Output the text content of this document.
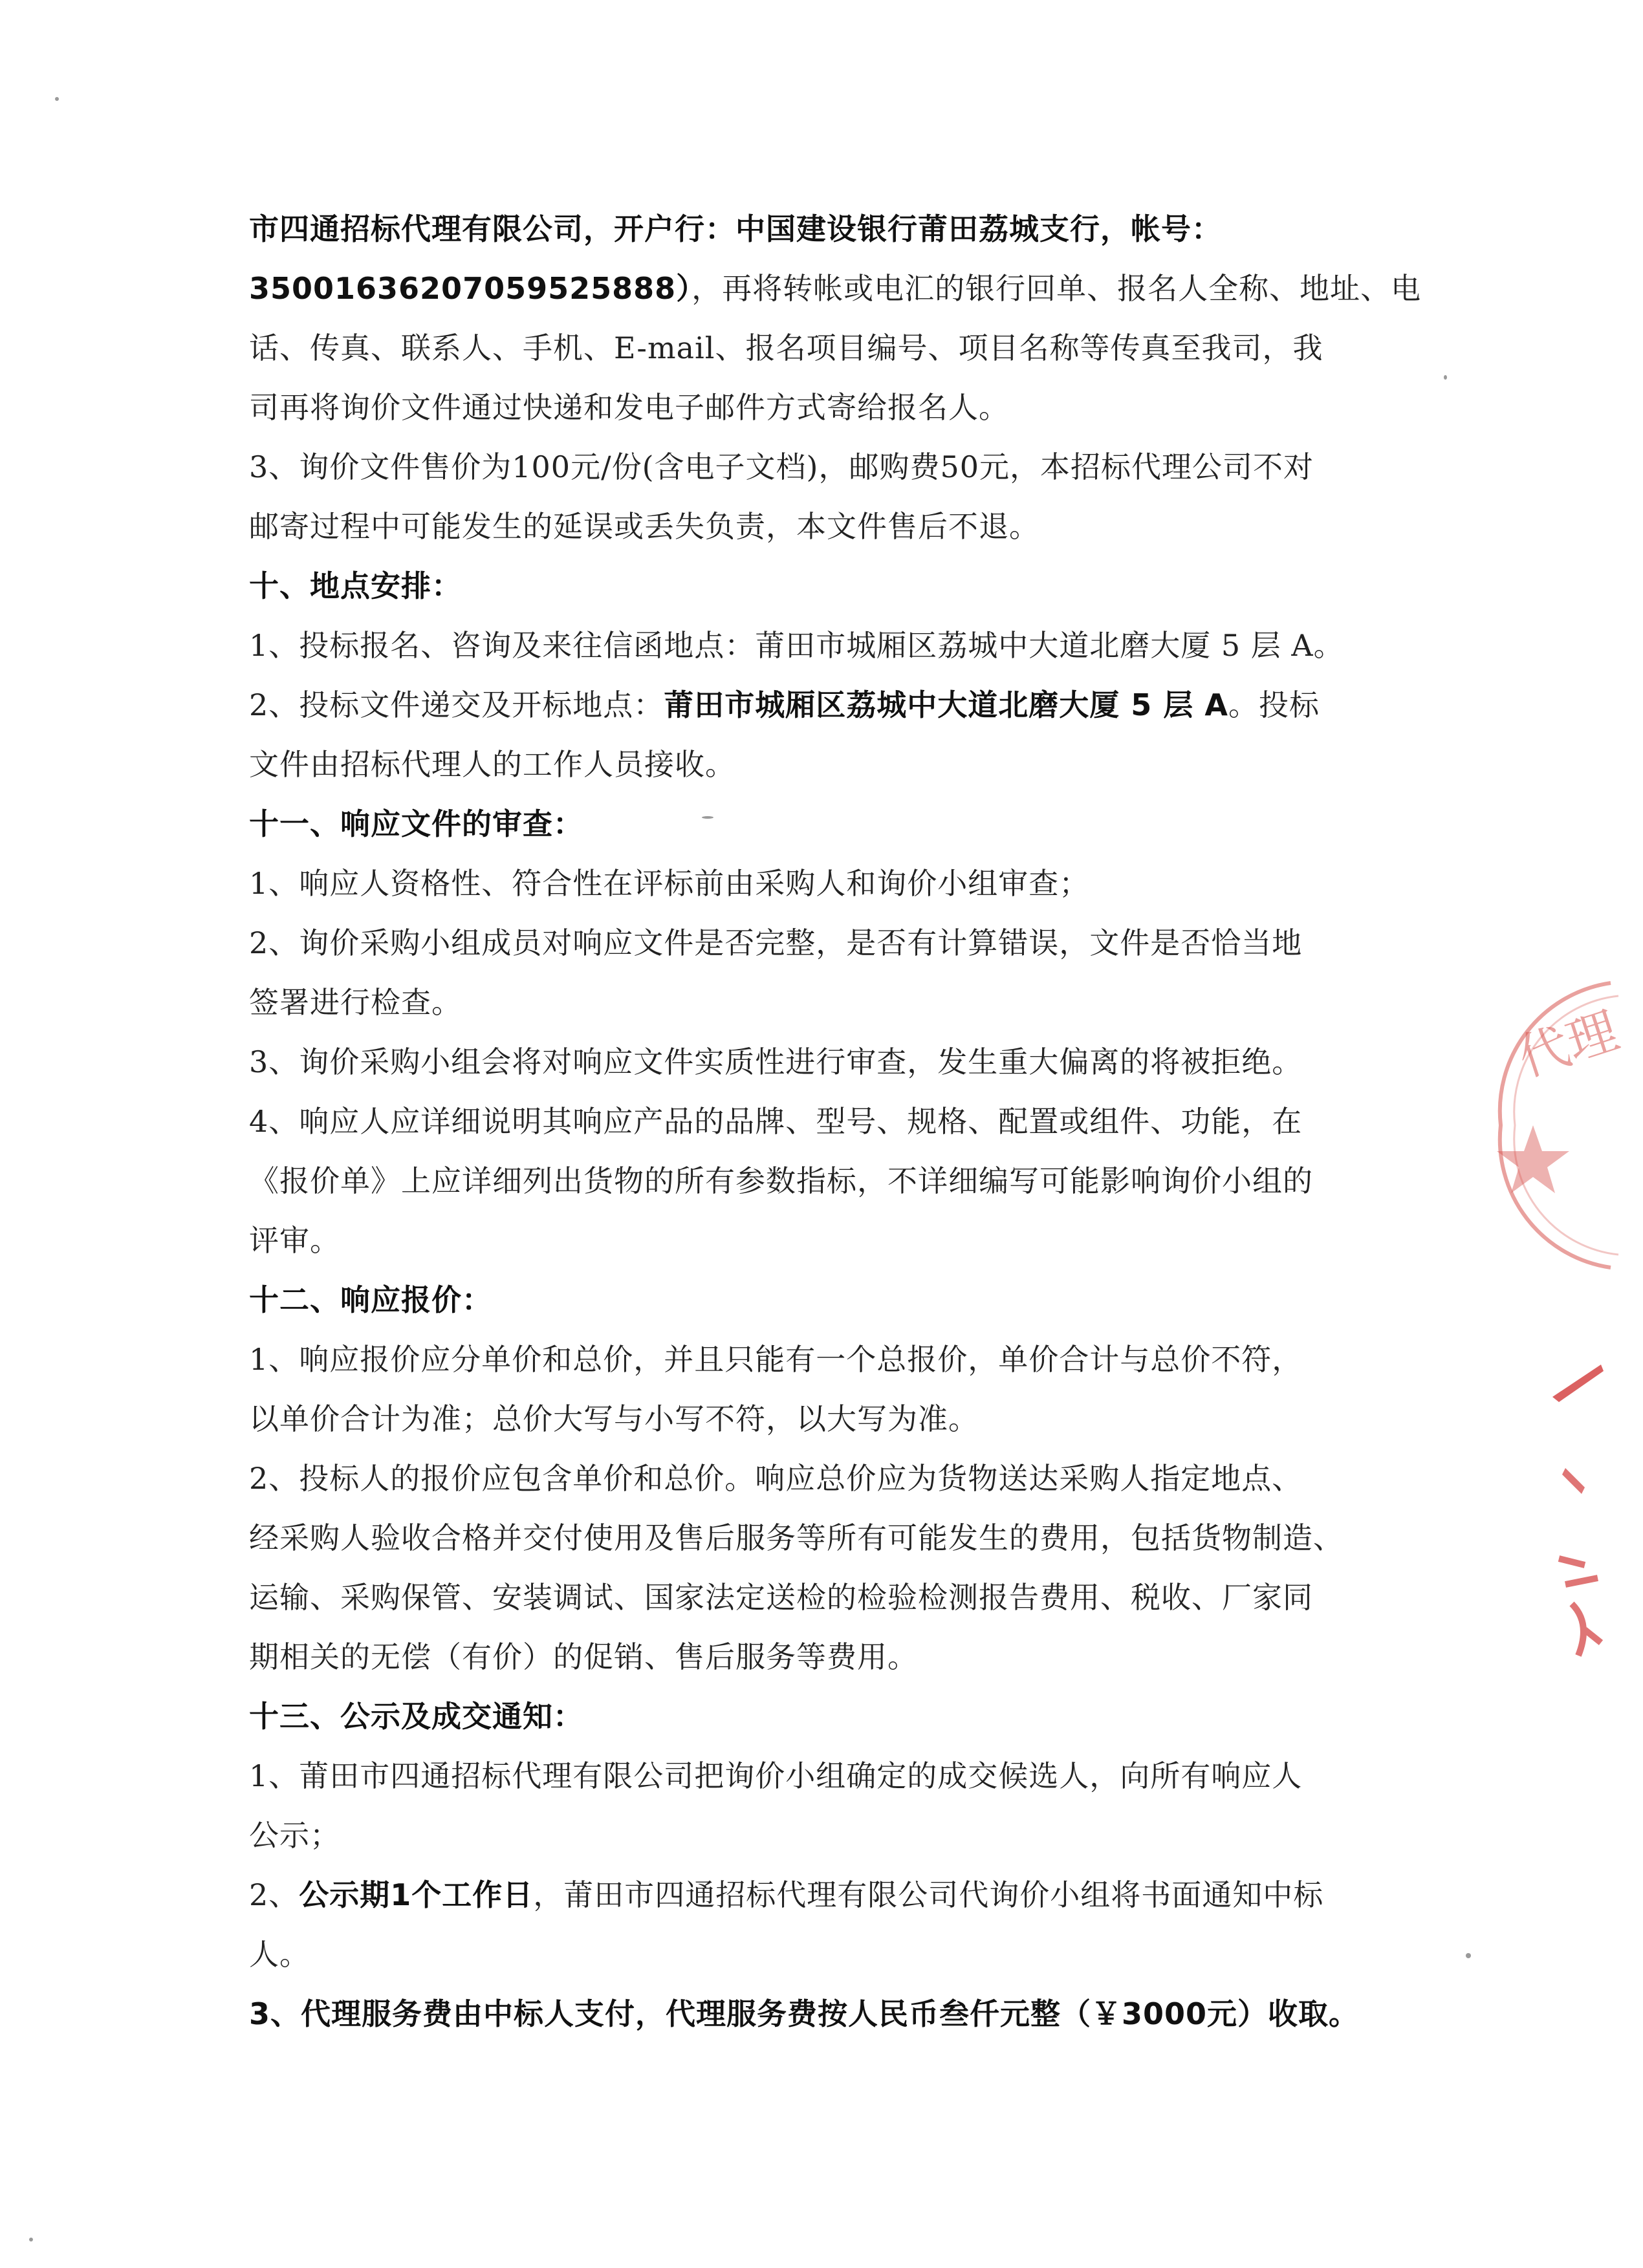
市四通招标代理有限公司，开户行：中国建设银行莆田荔城支行，帐号：
35001636207059525888），再将转帐或电汇的银行回单、报名人全称、地址、电
话、传真、联系人、手机、E-mail、报名项目编号、项目名称等传真至我司，我
司再将询价文件通过快递和发电子邮件方式寄给报名人。
3、询价文件售价为100元/份(含电子文档)，邮购费50元，本招标代理公司不对
邮寄过程中可能发生的延误或丢失负责，本文件售后不退。
十、地点安排：
1、投标报名、咨询及来往信函地点：莆田市城厢区荔城中大道北磨大厦 5 层 A。
2、投标文件递交及开标地点：莆田市城厢区荔城中大道北磨大厦 5 层 A。投标
文件由招标代理人的工作人员接收。
十一、响应文件的审查：
1、响应人资格性、符合性在评标前由采购人和询价小组审查；
2、询价采购小组成员对响应文件是否完整，是否有计算错误，文件是否恰当地
签署进行检查。
3、询价采购小组会将对响应文件实质性进行审查，发生重大偏离的将被拒绝。
4、响应人应详细说明其响应产品的品牌、型号、规格、配置或组件、功能，在
《报价单》上应详细列出货物的所有参数指标，不详细编写可能影响询价小组的
评审。
十二、响应报价：
1、响应报价应分单价和总价，并且只能有一个总报价，单价合计与总价不符，
以单价合计为准；总价大写与小写不符，以大写为准。
2、投标人的报价应包含单价和总价。响应总价应为货物送达采购人指定地点、
经采购人验收合格并交付使用及售后服务等所有可能发生的费用，包括货物制造、
运输、采购保管、安装调试、国家法定送检的检验检测报告费用、税收、厂家同
期相关的无偿（有价）的促销、售后服务等费用。
十三、公示及成交通知：
1、莆田市四通招标代理有限公司把询价小组确定的成交候选人，向所有响应人
公示；
2、公示期1个工作日，莆田市四通招标代理有限公司代询价小组将书面通知中标
人。
3、代理服务费由中标人支付，代理服务费按人民币叁仟元整（￥3000元）收取。
代理
